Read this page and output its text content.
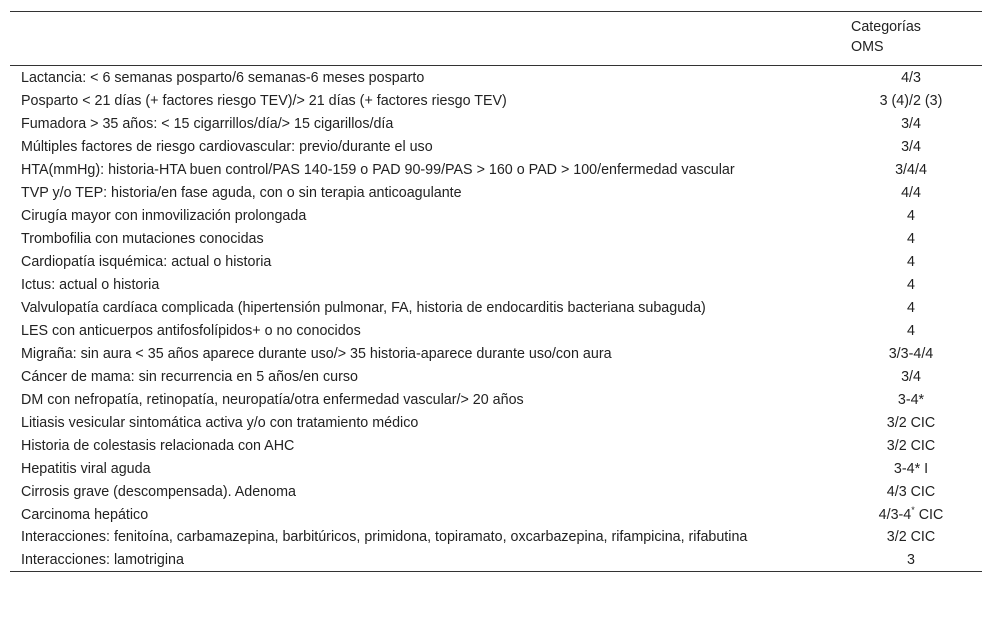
	Categorías
OMS
Lactancia: < 6 semanas posparto/6 semanas-6 meses posparto	4/3
Posparto < 21 días (+ factores riesgo TEV)/> 21 días (+ factores riesgo TEV)	3 (4)/2 (3)
Fumadora > 35 años: < 15 cigarrillos/día/> 15 cigarillos/día	3/4
Múltiples factores de riesgo cardiovascular: previo/durante el uso	3/4
HTA(mmHg): historia-HTA buen control/PAS 140-159 o PAD 90-99/PAS > 160 o PAD > 100/enfermedad vascular	3/4/4
TVP y/o TEP: historia/en fase aguda, con o sin terapia anticoagulante	4/4
Cirugía mayor con inmovilización prolongada	4
Trombofilia con mutaciones conocidas	4
Cardiopatía isquémica: actual o historia	4
Ictus: actual o historia	4
Valvulopatía cardíaca complicada (hipertensión pulmonar, FA, historia de endocarditis bacteriana subaguda)	4
LES con anticuerpos antifosfolípidos+ o no conocidos	4
Migraña: sin aura < 35 años aparece durante uso/> 35 historia-aparece durante uso/con aura	3/3-4/4
Cáncer de mama: sin recurrencia en 5 años/en curso	3/4
DM con nefropatía, retinopatía, neuropatía/otra enfermedad vascular/> 20 años	3-4*
Litiasis vesicular sintomática activa y/o con tratamiento médico	3/2 CIC
Historia de colestasis relacionada con AHC	3/2 CIC
Hepatitis viral aguda	3-4* I
Cirrosis grave (descompensada). Adenoma	4/3 CIC
Carcinoma hepático	4/3-4* CIC
Interacciones: fenitoína, carbamazepina, barbitúricos, primidona, topiramato, oxcarbazepina, rifampicina, rifabutina	3/2 CIC
Interacciones: lamotrigina	3
